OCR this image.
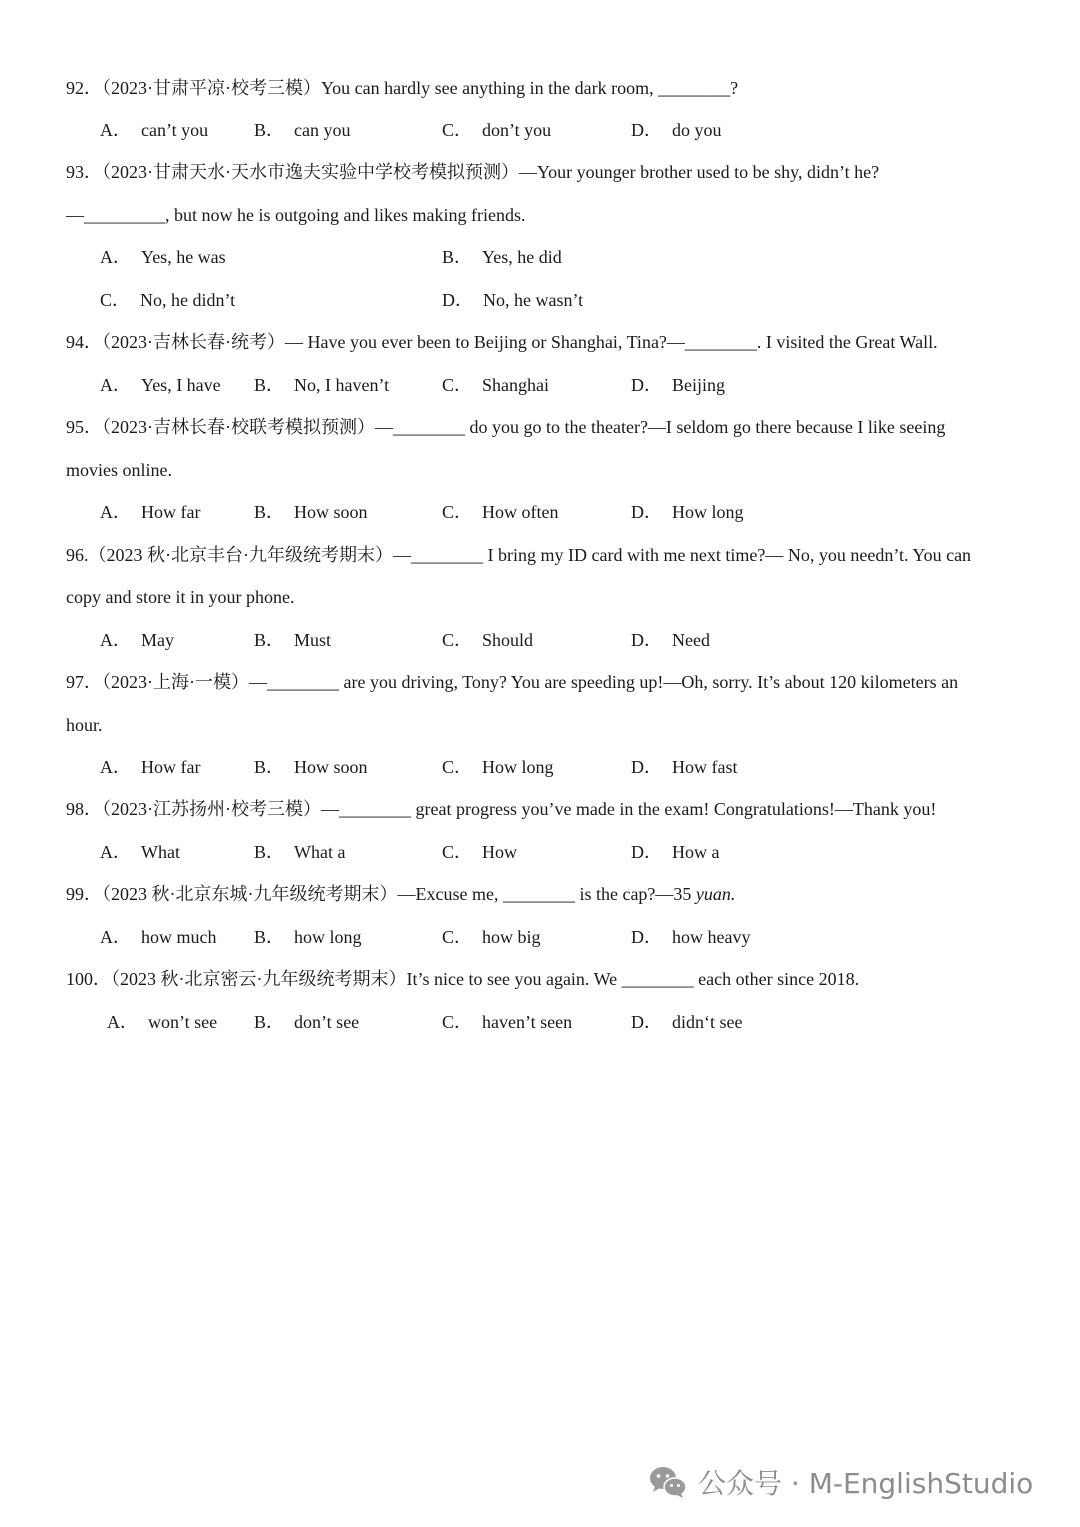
92．（2023·甘肃平凉·校考三模）You can hardly see anything in the dark room, ________?
A． can’t you	B． can you	C． don’t you	D． do you
93．（2023·甘肃天水·天水市逸夫实验中学校考模拟预测）—Your younger brother used to be shy, didn’t he?
—_________, but now he is outgoing and likes making friends.
A． Yes, he was	B． Yes, he did
C． No, he didn’t	D． No, he wasn’t
94．（2023·吉林长春·统考）— Have you ever been to Beijing or Shanghai, Tina?—________. I visited the Great Wall.
A． Yes, I have B． No, I haven’t	C． Shanghai	D． Beijing
95．（2023·吉林长春·校联考模拟预测）—________ do you go to the theater?—I seldom go there because I like seeing
movies online.
A． How far	B． How soon	C． How often	D． How long
96.（2023 秋·北京丰台·九年级统考期末）—________ I bring my ID card with me next time?— No, you needn’t. You can
copy and store it in your phone.
A． May	B． Must	C． Should	D． Need
97．（2023·上海·一模）—________ are you driving, Tony? You are speeding up!—Oh, sorry. It’s about 120 kilometers an
hour.
A． How far	B． How soon	C． How long	D． How fast
98．（2023·江苏扬州·校考三模）—________ great progress you’ve made in the exam! Congratulations!—Thank you!
A． What	B． What a	C． How	D． How a
99．（2023 秋·北京东城·九年级统考期末）—Excuse me, ________ is the cap?—35 yuan.
A． how much B． how long	C． how big	D． how heavy
100．（2023 秋·北京密云·九年级统考期末）It’s nice to see you again. We ________ each other since 2018.
A． won’t see B． don’t see	C． haven’t seen	D． didn‘t see
公众号 · M-EnglishStudio
